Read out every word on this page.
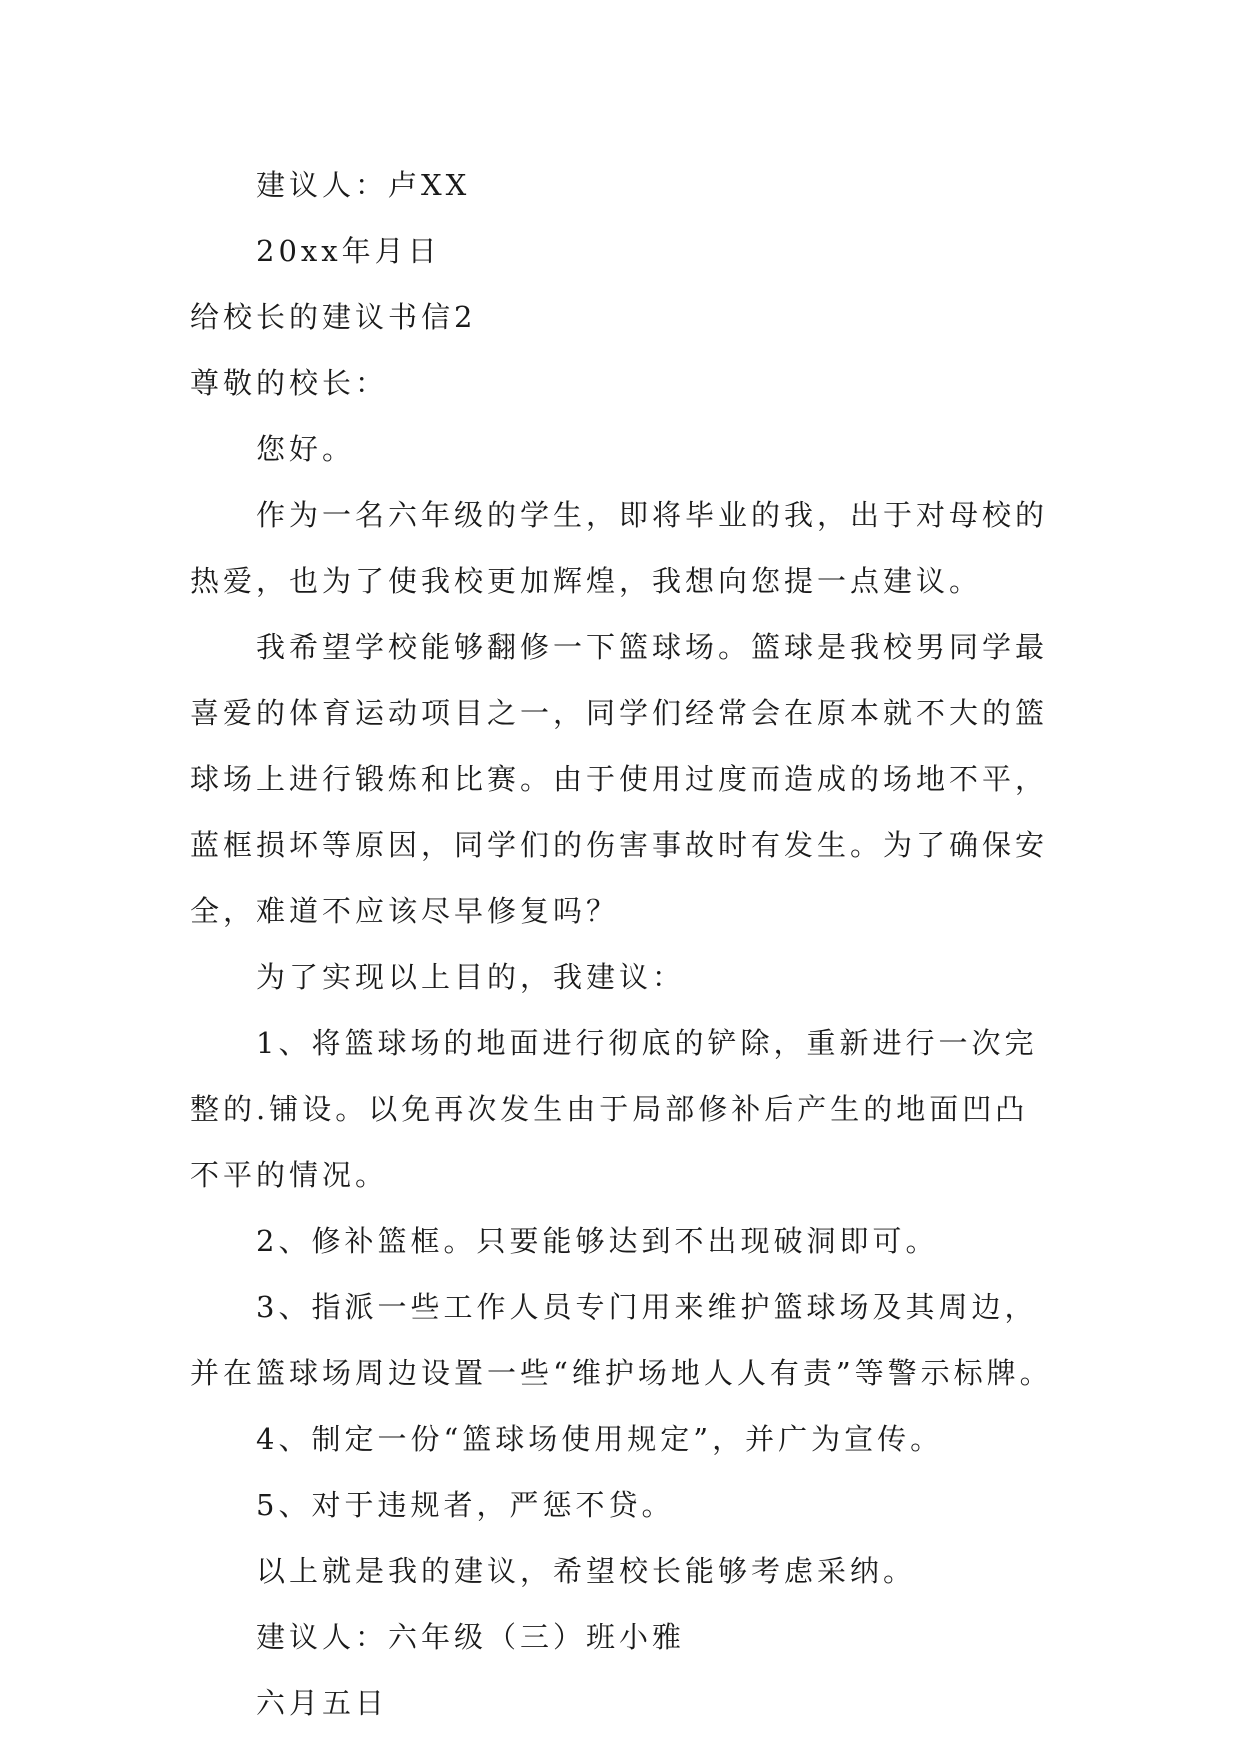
建议人：卢XX
20xx年月日
给校长的建议书信2
尊敬的校长：
您好。

作为一名六年级的学生，即将毕业的我，出于对母校的
热爱，也为了使我校更加辉煌，我想向您提一点建议。

我希望学校能够翻修一下篮球场。篮球是我校男同学最
喜爱的体育运动项目之一，同学们经常会在原本就不大的篮
球场上进行锻炼和比赛。由于使用过度而造成的场地不平，
蓝框损坏等原因，同学们的伤害事故时有发生。为了确保安
全，难道不应该尽早修复吗？

为了实现以上目的，我建议：

1、将篮球场的地面进行彻底的铲除，重新进行一次完
整的.铺设。以免再次发生由于局部修补后产生的地面凹凸
不平的情况。

2、修补篮框。只要能够达到不出现破洞即可。

3、指派一些工作人员专门用来维护篮球场及其周边，
并在篮球场周边设置一些“维护场地人人有责”等警示标牌。

4、制定一份“篮球场使用规定”，并广为宣传。

5、对于违规者，严惩不贷。

以上就是我的建议，希望校长能够考虑采纳。
建议人：六年级（三）班小雅
六月五日
